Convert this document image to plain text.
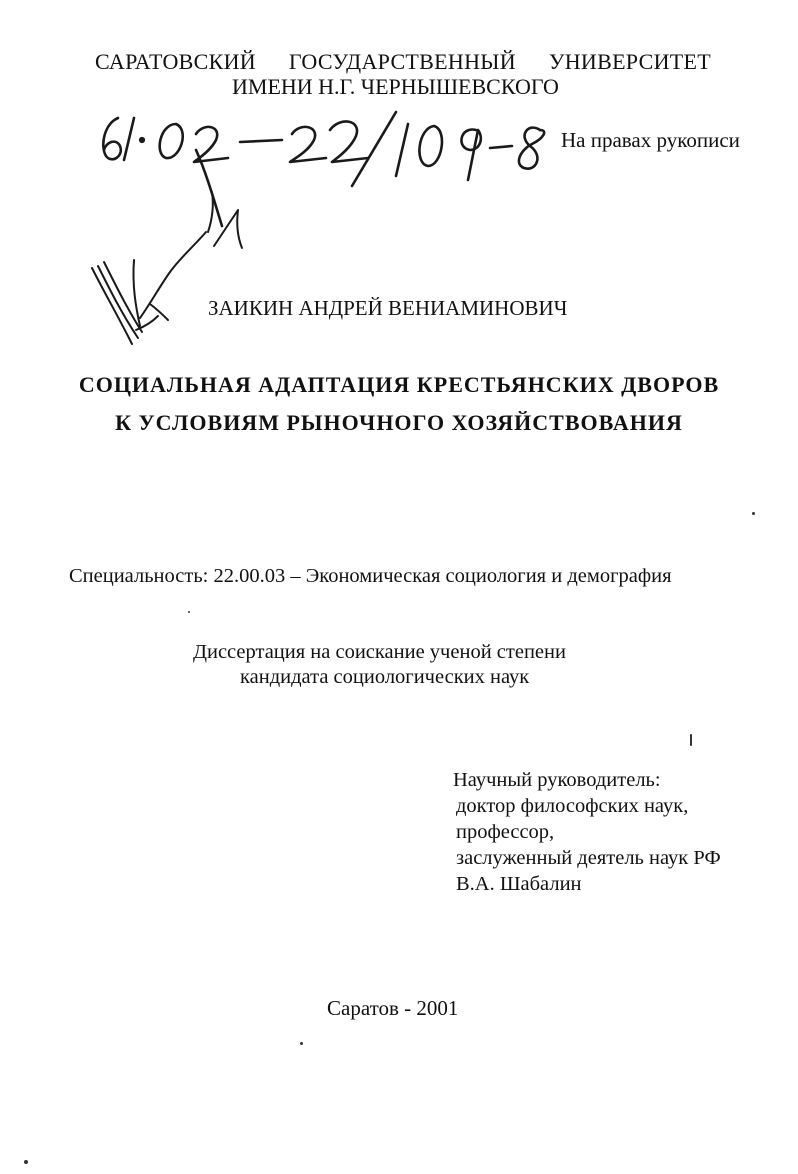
САРАТОВСКИЙ ГОСУДАРСТВЕННЫЙ УНИВЕРСИТЕТ
ИМЕНИ Н.Г. ЧЕРНЫШЕВСКОГО
На правах рукописи
ЗАИКИН АНДРЕЙ ВЕНИАМИНОВИЧ
СОЦИАЛЬНАЯ АДАПТАЦИЯ КРЕСТЬЯНСКИХ ДВОРОВ
К УСЛОВИЯМ РЫНОЧНОГО ХОЗЯЙСТВОВАНИЯ
Специальность: 22.00.03 – Экономическая социология и демография
Диссертация на соискание ученой степени
кандидата социологических наук
Научный руководитель:
доктор философских наук,
профессор,
заслуженный деятель наук РФ
В.А. Шабалин
Саратов - 2001
